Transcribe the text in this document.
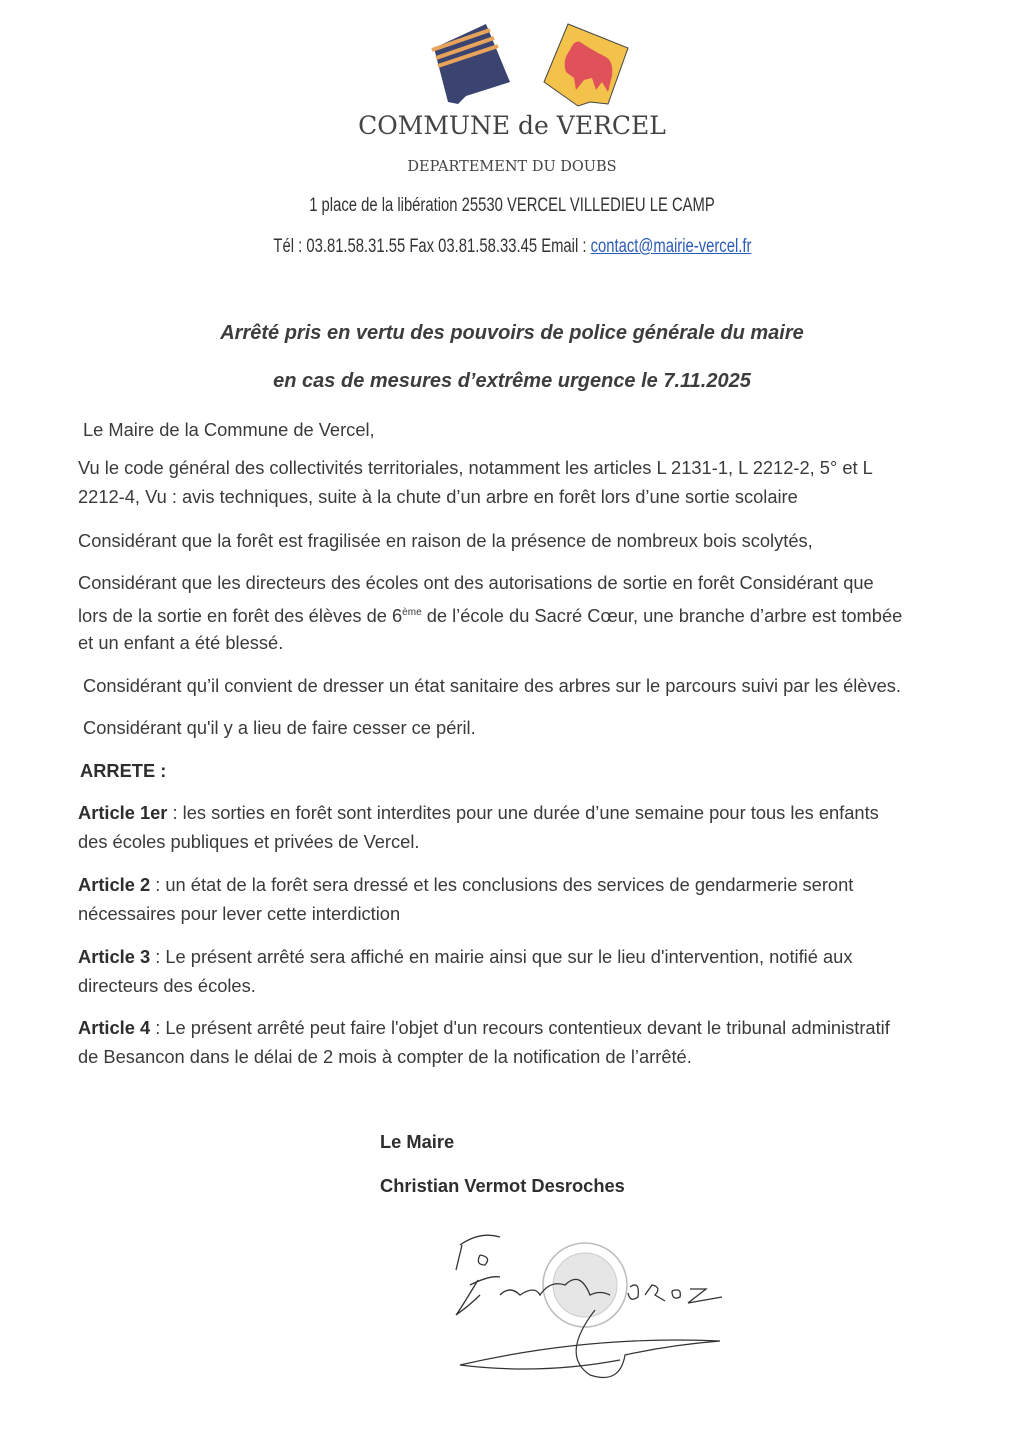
COMMUNE de VERCEL
DEPARTEMENT DU DOUBS
1 place de la libération 25530 VERCEL VILLEDIEU LE CAMP
Tél : 03.81.58.31.55 Fax 03.81.58.33.45 Email : contact@mairie-vercel.fr
Arrêté pris en vertu des pouvoirs de police générale du maire
en cas de mesures d’extrême urgence le 7.11.2025
Le Maire de la Commune de Vercel,
Vu le code général des collectivités territoriales, notamment les articles L 2131-1, L 2212-2, 5° et L
2212-4, Vu : avis techniques, suite à la chute d’un arbre en forêt lors d’une sortie scolaire
Considérant que la forêt est fragilisée en raison de la présence de nombreux bois scolytés,
Considérant que les directeurs des écoles ont des autorisations de sortie en forêt Considérant que
lors de la sortie en forêt des élèves de 6ème de l’école du Sacré Cœur, une branche d’arbre est tombée
et un enfant a été blessé.
Considérant qu’il convient de dresser un état sanitaire des arbres sur le parcours suivi par les élèves.
Considérant qu'il y a lieu de faire cesser ce péril.
ARRETE :
Article 1er : les sorties en forêt sont interdites pour une durée d’une semaine pour tous les enfants
des écoles publiques et privées de Vercel.
Article 2 : un état de la forêt sera dressé et les conclusions des services de gendarmerie seront
nécessaires pour lever cette interdiction
Article 3 : Le présent arrêté sera affiché en mairie ainsi que sur le lieu d'intervention, notifié aux
directeurs des écoles.
Article 4 : Le présent arrêté peut faire l'objet d'un recours contentieux devant le tribunal administratif
de Besancon dans le délai de 2 mois à compter de la notification de l’arrêté.
Le Maire
Christian Vermot Desroches
